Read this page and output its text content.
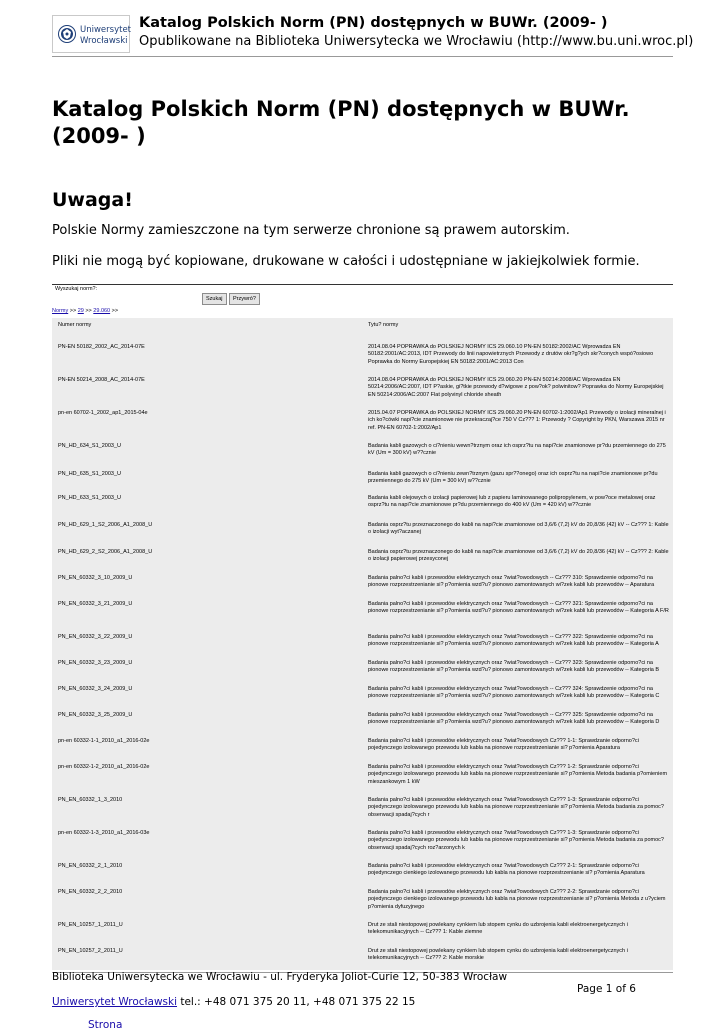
Uniwersytet
Wrocławski
Katalog Polskich Norm (PN) dostępnych w BUWr. (2009- )
Opublikowane na Biblioteka Uniwersytecka we Wrocławiu (http://www.bu.uni.wroc.pl)
Katalog Polskich Norm (PN) dostępnych w BUWr. (2009- )
Uwaga!

Polskie Normy zamieszczone na tym serwerze chronione są prawem autorskim.

Pliki nie mogą być kopiowane, drukowane w całości i udostępniane w jakiejkolwiek formie.

Wyszukaj norm?:
Szukaj	Przywró?
Normy >> 29 >> 29.060 >>
Numer normy	Tytu? normy
PN-EN 50182_2002_AC_2014-07E	2014.08.04 POPRAWKA do POLSKIEJ NORMY ICS 29.060.10 PN-EN 50182:2002/AC Wprowadza EN 50182:2001/AC:2013, IDT Przewody do linii napowietrznych Przewody z drutów okr?g?ych skr?conych wspó?osiowo Poprawka do Normy Europejskiej EN 50182:2001/AC:2013 Con
PN-EN 50214_2008_AC_2014-07E	2014.08.04 POPRAWKA do POLSKIEJ NORMY ICS 29.060.20 PN-EN 50214:2008/AC Wprowadza EN 50214:2006/AC:2007, IDT P?askie, gi?tkie przewody d?wigowe z pow?ok? polwinitow? Poprawka do Normy Europejskiej EN 50214:2006/AC:2007 Flat polyvinyl chloride sheath
pn-en 60702-1_2002_ap1_2015-04e	2015.04.07 POPRAWKA do POLSKIEJ NORMY ICS 29.060.20 PN-EN 60702-1:2002/Ap1 Przewody o izolacji mineralnej i ich ko?cówki napi?cie znamionowe nie przekraczaj?ce 750 V Cz??? 1: Przewody ? Copyright by PKN, Warszawa 2015 nr ref. PN-EN 60702-1:2002/Ap1
PN_HD_634_S1_2003_U	Badania kabli gazowych o ci?nieniu wewn?trznym oraz ich osprz?tu na napi?cie znamionowe pr?du przemiennego do 275 kV (Um = 300 kV) w??cznie
PN_HD_635_S1_2003_U	Badania kabli gazowych o ci?nieniu zewn?trznym (gazu spr??onego) oraz ich osprz?tu na napi?cie znamionowe pr?du przemiennego do 275 kV (Um = 300 kV) w??cznie
PN_HD_633_S1_2003_U	Badania kabli olejowych o izolacji papierowej lub z papieru laminowanego polipropylenem, w pow?oce metalowej oraz osprz?tu na napi?cie znamionowe pr?du przemiennego do 400 kV (Um = 420 kV) w??cznie
PN_HD_629_1_S2_2006_A1_2008_U	Badania osprz?tu przeznaczonego do kabli na napi?cie znamionowe od 3,6/6 (7,2) kV do 20,8/36 (42) kV -- Cz??? 1: Kable o izolacji wyt?aczanej
PN_HD_629_2_S2_2006_A1_2008_U	Badania osprz?tu przeznaczonego do kabli na napi?cie znamionowe od 3,6/6 (7,2) kV do 20,8/36 (42) kV -- Cz??? 2: Kable o izolacji papierowej przesyconej
PN_EN_60332_3_10_2009_U	Badania palno?ci kabli i przewodów elektrycznych oraz ?wiat?owodowych -- Cz??? 310: Sprawdzenie odporno?ci na pionowe rozprzestrzenianie si? p?omienia wzd?u? pionowo zamontowanych wi?zek kabli lub przewodów -- Aparatura
PN_EN_60332_3_21_2009_U	Badania palno?ci kabli i przewodów elektrycznych oraz ?wiat?owodowych -- Cz??? 321: Sprawdzenie odporno?ci na pionowe rozprzestrzenianie si? p?omienia wzd?u? pionowo zamontowanych wi?zek kabli lub przewodów -- Kategoria A F/R
PN_EN_60332_3_22_2009_U	Badania palno?ci kabli i przewodów elektrycznych oraz ?wiat?owodowych -- Cz??? 322: Sprawdzenie odporno?ci na pionowe rozprzestrzenianie si? p?omienia wzd?u? pionowo zamontowanych wi?zek kabli lub przewodów -- Kategoria A
PN_EN_60332_3_23_2009_U	Badania palno?ci kabli i przewodów elektrycznych oraz ?wiat?owodowych -- Cz??? 323: Sprawdzenie odporno?ci na pionowe rozprzestrzenianie si? p?omienia wzd?u? pionowo zamontowanych wi?zek kabli lub przewodów -- Kategoria B
PN_EN_60332_3_24_2009_U	Badania palno?ci kabli i przewodów elektrycznych oraz ?wiat?owodowych -- Cz??? 324: Sprawdzenie odporno?ci na pionowe rozprzestrzenianie si? p?omienia wzd?u? pionowo zamontowanych wi?zek kabli lub przewodów -- Kategoria C
PN_EN_60332_3_25_2009_U	Badania palno?ci kabli i przewodów elektrycznych oraz ?wiat?owodowych -- Cz??? 325: Sprawdzenie odporno?ci na pionowe rozprzestrzenianie si? p?omienia wzd?u? pionowo zamontowanych wi?zek kabli lub przewodów -- Kategoria D
pn-en 60332-1-1_2010_a1_2016-02e	Badania palno?ci kabli i przewodów elektrycznych oraz ?wiat?owodowych Cz??? 1-1: Sprawdzanie odporno?ci pojedynczego izolowanego przewodu lub kabla na pionowe rozprzestrzenianie si? p?omienia Aparatura
pn-en 60332-1-2_2010_a1_2016-02e	Badania palno?ci kabli i przewodów elektrycznych oraz ?wiat?owodowych Cz??? 1-2: Sprawdzanie odporno?ci pojedynczego izolowanego przewodu lub kabla na pionowe rozprzestrzenianie si? p?omienia Metoda badania p?omieniem mieszankowym 1 kW
PN_EN_60332_1_3_2010	Badania palno?ci kabli i przewodów elektrycznych oraz ?wiat?owodowych Cz??? 1-3: Sprawdzanie odporno?ci pojedynczego izolowanego przewodu lub kabla na pionowe rozprzestrzenianie si? p?omienia Metoda badania za pomoc? obserwacji spadaj?cych r
pn-en 60332-1-3_2010_a1_2016-03e	Badania palno?ci kabli i przewodów elektrycznych oraz ?wiat?owodowych Cz??? 1-3: Sprawdzanie odporno?ci pojedynczego izolowanego przewodu lub kabla na pionowe rozprzestrzenianie si? p?omienia Metoda badania za pomoc? obserwacji spadaj?cych roz?arzonych k
PN_EN_60332_2_1_2010	Badania palno?ci kabli i przewodów elektrycznych oraz ?wiat?owodowych Cz??? 2-1: Sprawdzanie odporno?ci pojedynczego cienkiego izolowanego przewodu lub kabla na pionowe rozprzestrzenianie si? p?omienia Aparatura
PN_EN_60332_2_2_2010	Badania palno?ci kabli i przewodów elektrycznych oraz ?wiat?owodowych Cz??? 2-2: Sprawdzanie odporno?ci pojedynczego cienkiego izolowanego przewodu lub kabla na pionowe rozprzestrzenianie si? p?omienia Metoda z u?yciem p?omienia dyfuzyjnego
PN_EN_10257_1_2011_U	Drut ze stali niestopowej powlekany cynkiem lub stopem cynku do uzbrojenia kabli elektroenergetycznych i telekomunikacyjnych -- Cz??? 1: Kable ziemne
PN_EN_10257_2_2011_U	Drut ze stali niestopowej powlekany cynkiem lub stopem cynku do uzbrojenia kabli elektroenergetycznych i telekomunikacyjnych -- Cz??? 2: Kable morskie
Biblioteka Uniwersytecka we Wrocławiu - ul. Fryderyka Joliot-Curie 12, 50-383 Wrocław
Page 1 of 6
Uniwersytet Wrocławski tel.: +48 071 375 20 11, +48 071 375 22 15
Strona
